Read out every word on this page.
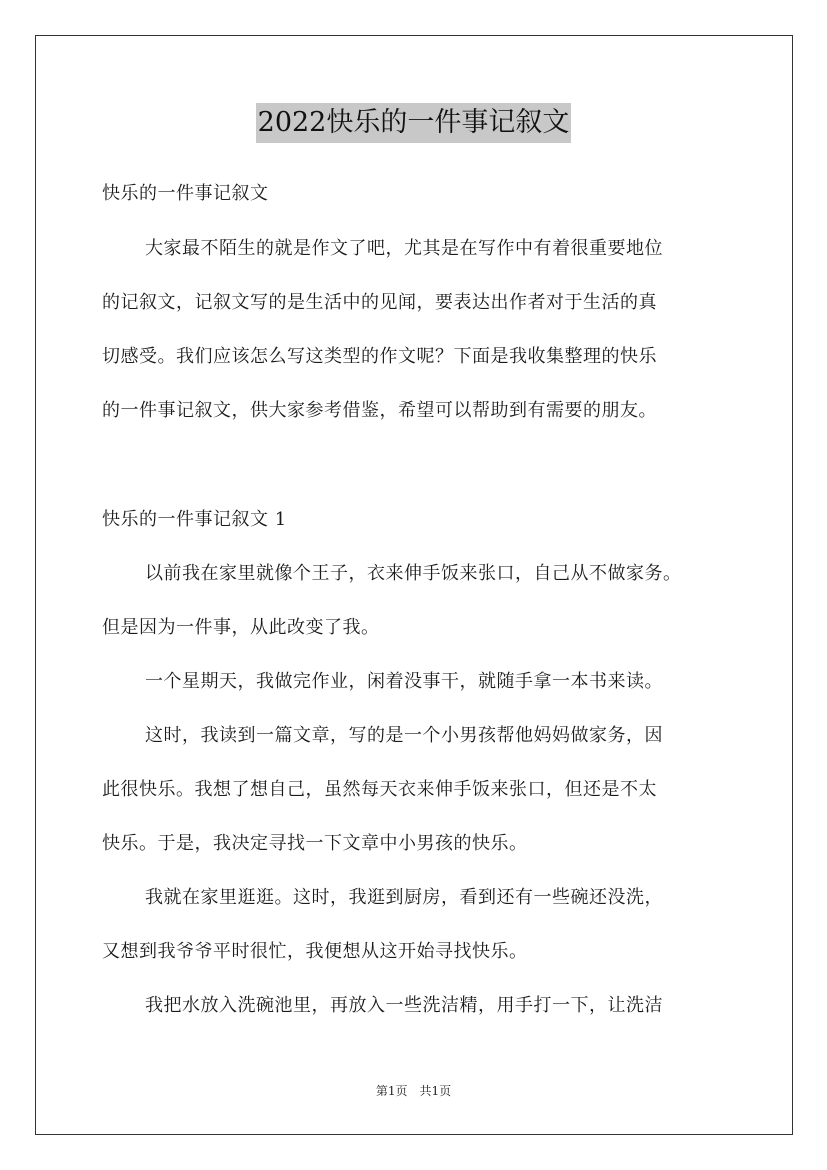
2022快乐的一件事记叙文
快乐的一件事记叙文
大家最不陌生的就是作文了吧，尤其是在写作中有着很重要地位
的记叙文，记叙文写的是生活中的见闻，要表达出作者对于生活的真
切感受。我们应该怎么写这类型的作文呢？下面是我收集整理的快乐
的一件事记叙文，供大家参考借鉴，希望可以帮助到有需要的朋友。
快乐的一件事记叙文 1
以前我在家里就像个王子，衣来伸手饭来张口，自己从不做家务。
但是因为一件事，从此改变了我。
一个星期天，我做完作业，闲着没事干，就随手拿一本书来读。
这时，我读到一篇文章，写的是一个小男孩帮他妈妈做家务，因
此很快乐。我想了想自己，虽然每天衣来伸手饭来张口，但还是不太
快乐。于是，我决定寻找一下文章中小男孩的快乐。
我就在家里逛逛。这时，我逛到厨房，看到还有一些碗还没洗，
又想到我爷爷平时很忙，我便想从这开始寻找快乐。
我把水放入洗碗池里，再放入一些洗洁精，用手打一下，让洗洁
第1页　共1页
